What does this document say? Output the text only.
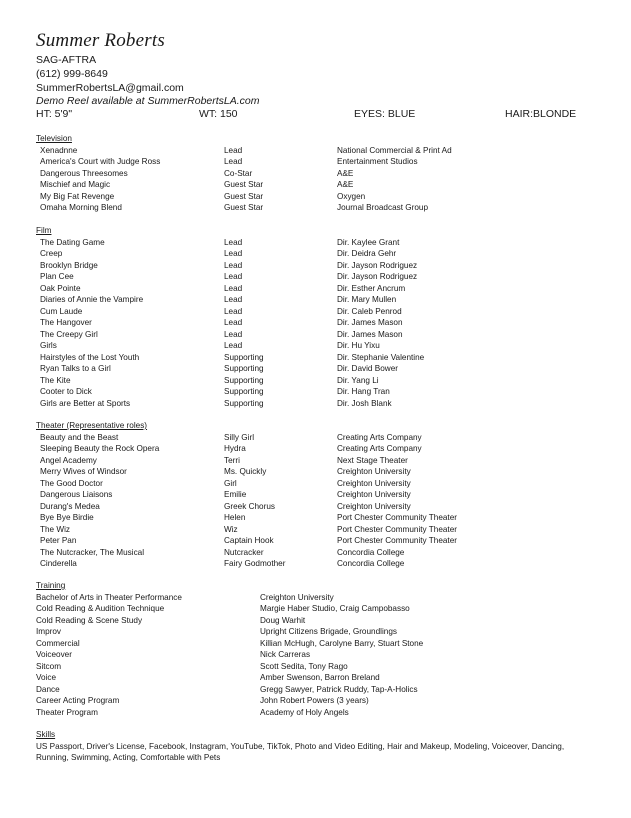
Summer Roberts
SAG-AFTRA
(612) 999-8649
SummerRobertsLA@gmail.com
Demo Reel available at SummerRobertsLA.com
HT: 5'9"	WT: 150	EYES: BLUE	HAIR:BLONDE
Television
Xenadnne	Lead	National Commercial & Print Ad
America's Court with Judge Ross	Lead	Entertainment Studios
Dangerous Threesomes	Co-Star	A&E
Mischief and Magic	Guest Star	A&E
My Big Fat Revenge	Guest Star	Oxygen
Omaha Morning Blend	Guest Star	Journal Broadcast Group
Film
The Dating Game	Lead	Dir. Kaylee Grant
Creep	Lead	Dir. Deidra Gehr
Brooklyn Bridge	Lead	Dir. Jayson Rodriguez
Plan Cee	Lead	Dir. Jayson Rodriguez
Oak Pointe	Lead	Dir. Esther Ancrum
Diaries of Annie the Vampire	Lead	Dir. Mary Mullen
Cum Laude	Lead	Dir. Caleb Penrod
The Hangover	Lead	Dir. James Mason
The Creepy Girl	Lead	Dir. James Mason
Girls	Lead	Dir. Hu Yixu
Hairstyles of the Lost Youth	Supporting	Dir. Stephanie Valentine
Ryan Talks to a Girl	Supporting	Dir. David Bower
The Kite	Supporting	Dir. Yang Li
Cooter to Dick	Supporting	Dir. Hang Tran
Girls are Better at Sports	Supporting	Dir. Josh Blank
Theater (Representative roles)
Beauty and the Beast	Silly Girl	Creating Arts Company
Sleeping Beauty the Rock Opera	Hydra	Creating Arts Company
Angel Academy	Terri	Next Stage Theater
Merry Wives of Windsor	Ms. Quickly	Creighton University
The Good Doctor	Girl	Creighton University
Dangerous Liaisons	Emilie	Creighton University
Durang's Medea	Greek Chorus	Creighton University
Bye Bye Birdie	Helen	Port Chester Community Theater
The Wiz	Wiz	Port Chester Community Theater
Peter Pan	Captain Hook	Port Chester Community Theater
The Nutcracker, The Musical	Nutcracker	Concordia College
Cinderella	Fairy Godmother	Concordia College
Training
Bachelor of Arts in Theater Performance	Creighton University
Cold Reading & Audition Technique	Margie Haber Studio, Craig Campobasso
Cold Reading & Scene Study	Doug Warhit
Improv	Upright Citizens Brigade, Groundlings
Commercial	Killian McHugh, Carolyne Barry, Stuart Stone
Voiceover	Nick Carreras
Sitcom	Scott Sedita, Tony Rago
Voice	Amber Swenson, Barron Breland
Dance	Gregg Sawyer, Patrick Ruddy, Tap-A-Holics
Career Acting Program	John Robert Powers (3 years)
Theater Program	Academy of Holy Angels
Skills
US Passport, Driver's License, Facebook, Instagram, YouTube, TikTok, Photo and Video Editing, Hair and Makeup, Modeling, Voiceover, Dancing, Running, Swimming, Acting, Comfortable with Pets
